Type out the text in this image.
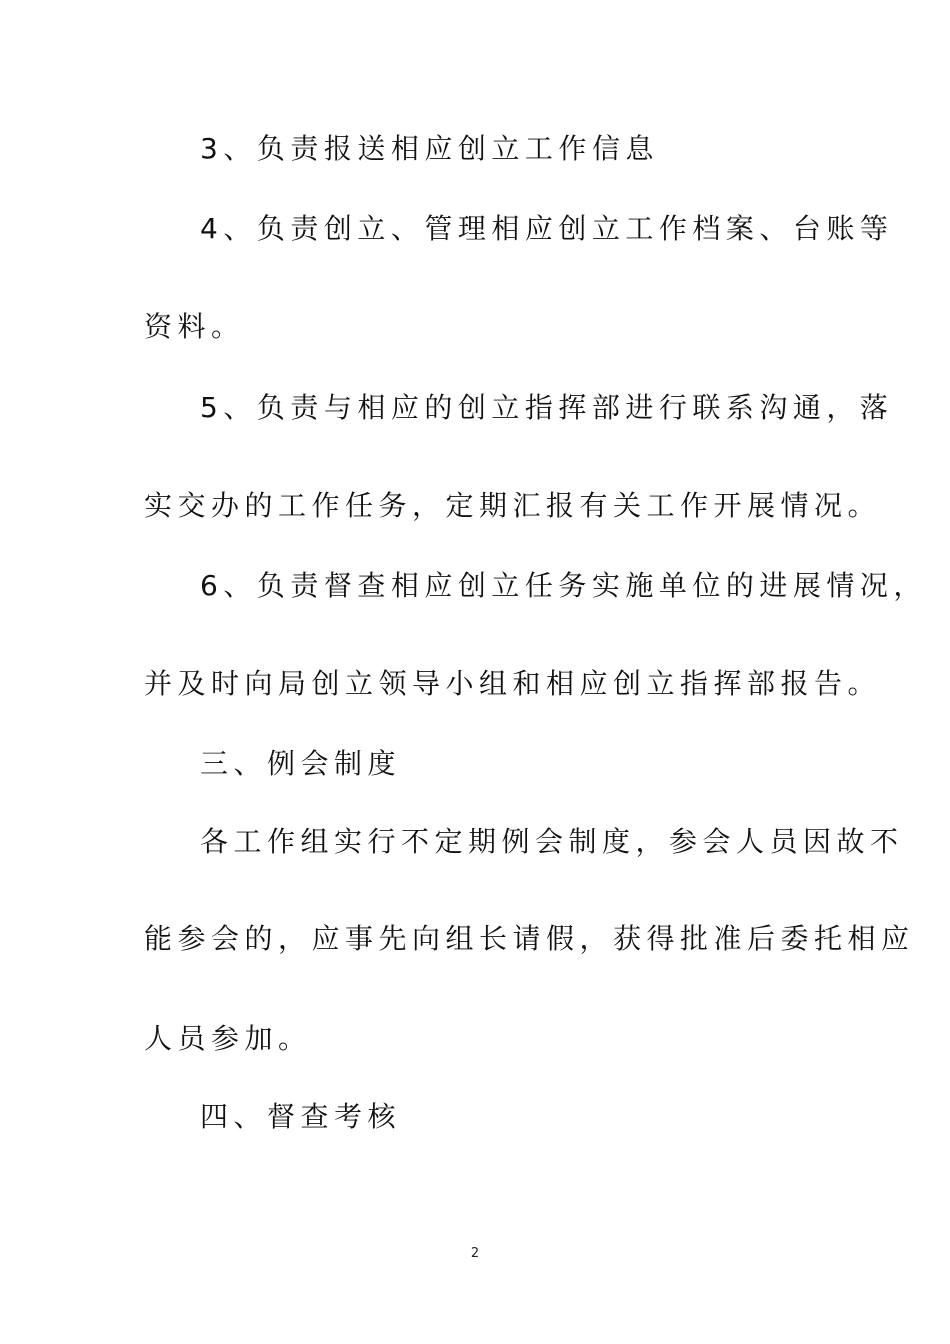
3、负责报送相应创立工作信息
4、负责创立、管理相应创立工作档案、台账等
资料。
5、负责与相应的创立指挥部进行联系沟通，落
实交办的工作任务，定期汇报有关工作开展情况。
6、负责督查相应创立任务实施单位的进展情况，
并及时向局创立领导小组和相应创立指挥部报告。
三、例会制度
各工作组实行不定期例会制度，参会人员因故不
能参会的，应事先向组长请假，获得批准后委托相应
人员参加。
四、督查考核
2
